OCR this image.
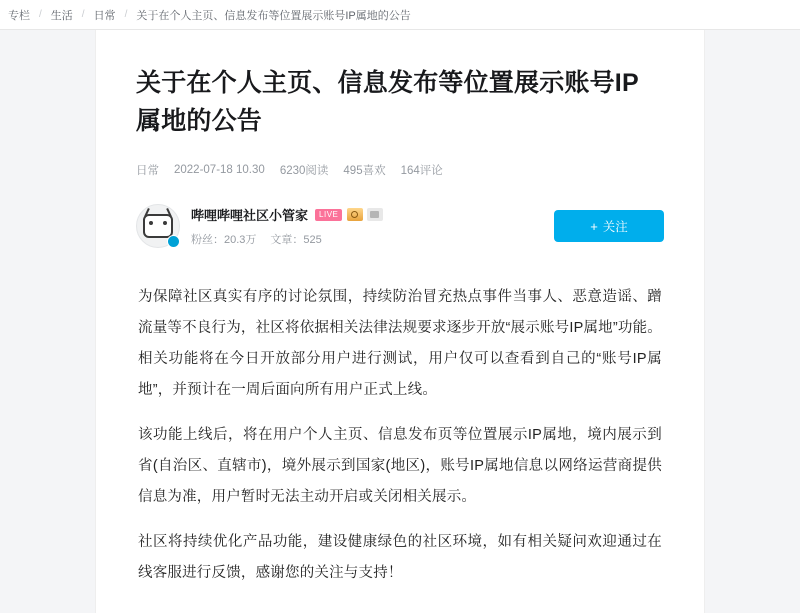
专栏 / 生活 / 日常 / 关于在个人主页、信息发布等位置展示账号IP属地的公告
关于在个人主页、信息发布等位置展示账号IP属地的公告
日常 2022-07-18 10.30 6230阅读 495喜欢 164评论
哔哩哔哩社区小管家	LIVE
粉丝：20.3万 文章：525
+ 关注

为保障社区真实有序的讨论氛围，持续防治冒充热点事件当事人、恶意造谣、蹭流量等不良行为，社区将依据相关法律法规要求逐步开放“展示账号IP属地”功能。相关功能将在今日开放部分用户进行测试，用户仅可以查看到自己的“账号IP属地”，并预计在一周后面向所有用户正式上线。

该功能上线后，将在用户个人主页、信息发布页等位置展示IP属地，境内展示到省(自治区、直辖市)，境外展示到国家(地区)，账号IP属地信息以网络运营商提供信息为准，用户暂时无法主动开启或关闭相关展示。

社区将持续优化产品功能，建设健康绿色的社区环境，如有相关疑问欢迎通过在线客服进行反馈，感谢您的关注与支持！
